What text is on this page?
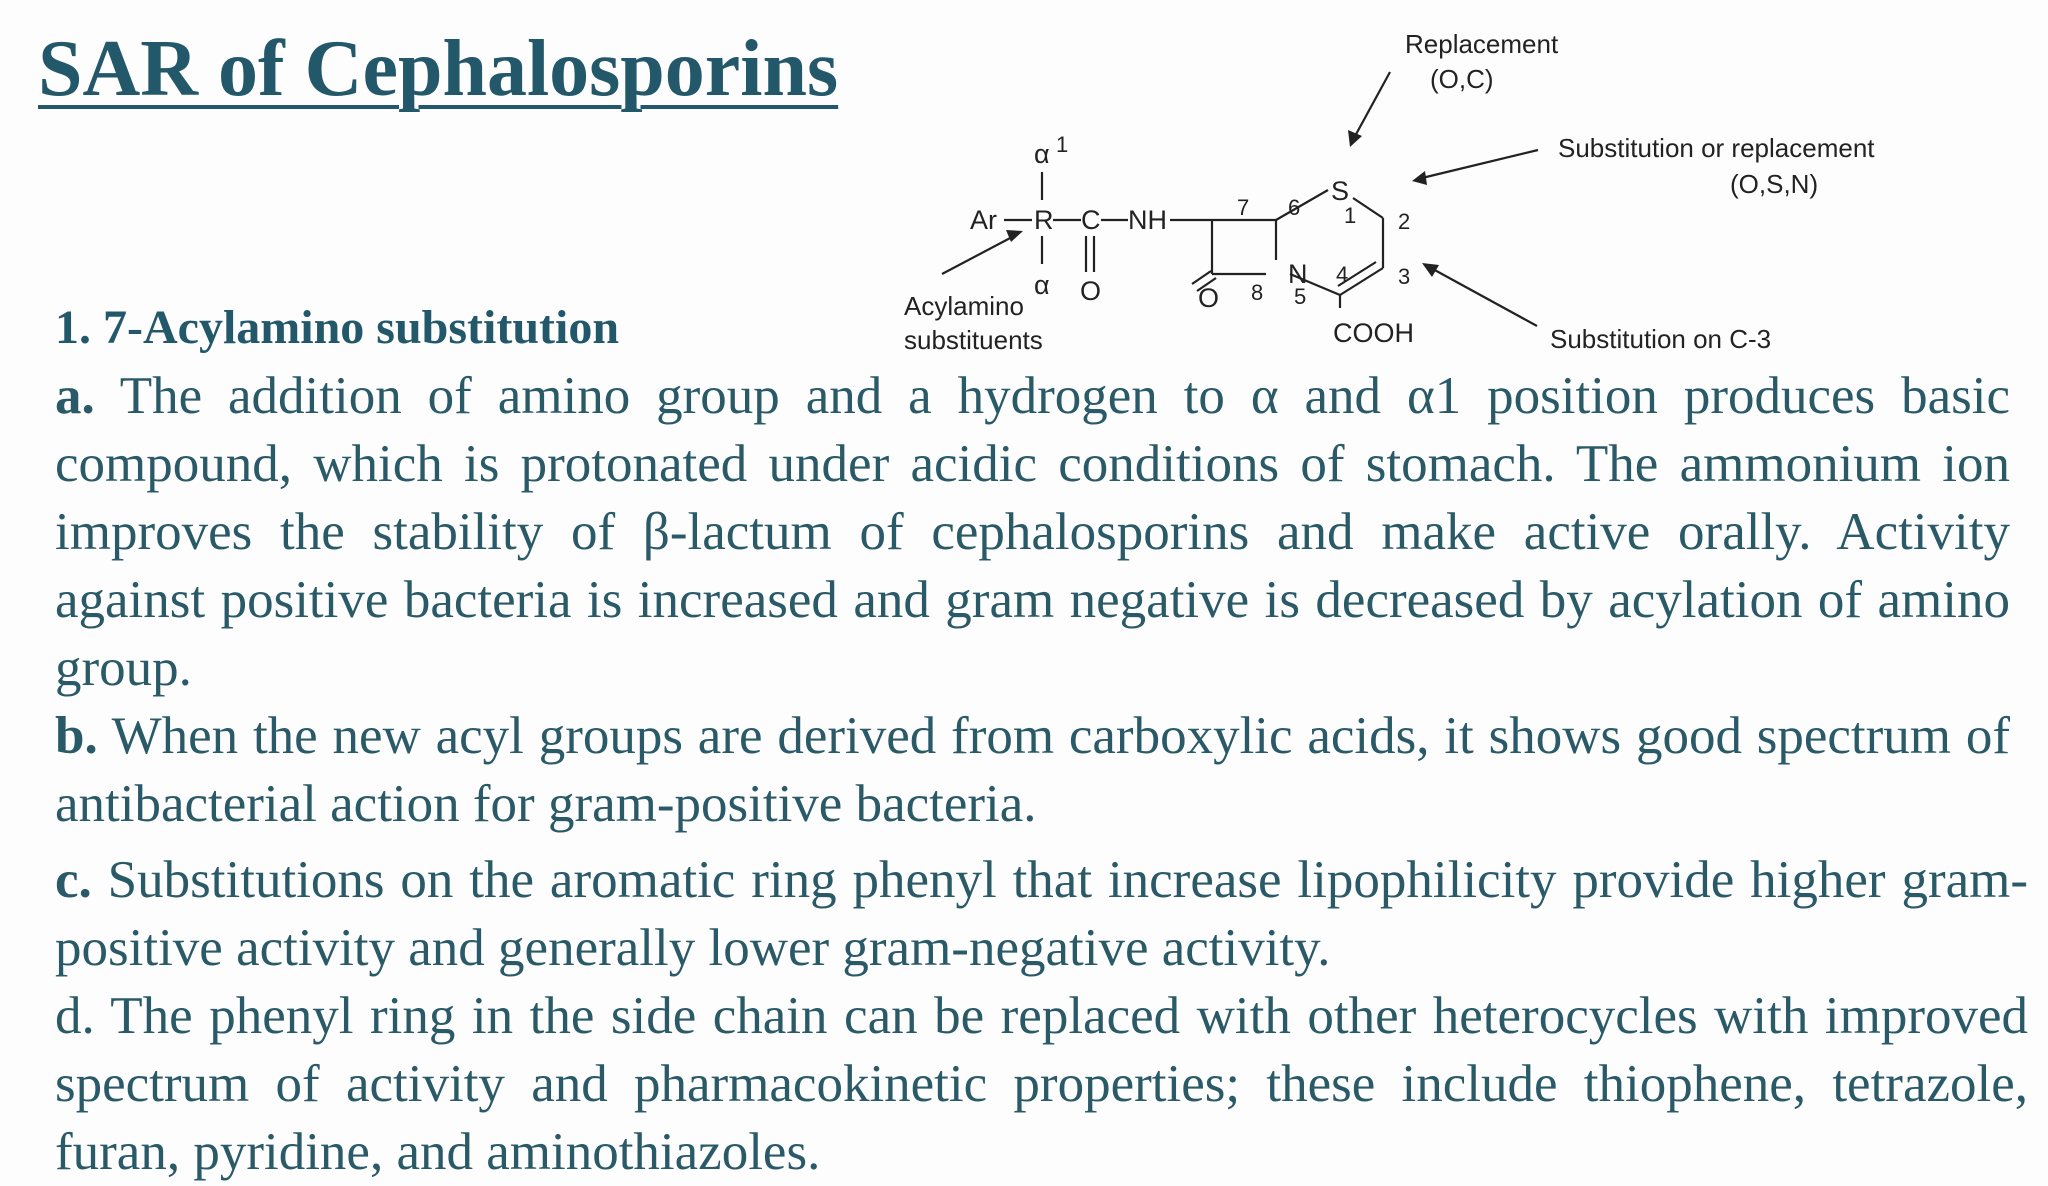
SAR of Cephalosporins	Replacement
(O,C)
Substitution or replacement
(O,S,N)
Acylamino
substituents	Substitution on C-3
Ar R C NH
α 1
α O	O
S
N
COOH
1 2
3
4
5
6
7
8
1. 7-Acylamino substitution

a. The addition of amino group and a hydrogen to α and α1 position produces basic compound, which is protonated under acidic conditions of stomach. The ammonium ion improves the stability of β-lactum of cephalosporins and make active orally. Activity against positive bacteria is increased and gram negative is decreased by acylation of amino group.

b. When the new acyl groups are derived from carboxylic acids, it shows good spectrum of antibacterial action for gram-positive bacteria.

c. Substitutions on the aromatic ring phenyl that increase lipophilicity provide higher gram-positive activity and generally lower gram-negative activity.

d. The phenyl ring in the side chain can be replaced with other heterocycles with improved spectrum of activity and pharmacokinetic properties; these include thiophene, tetrazole, furan, pyridine, and aminothiazoles.
